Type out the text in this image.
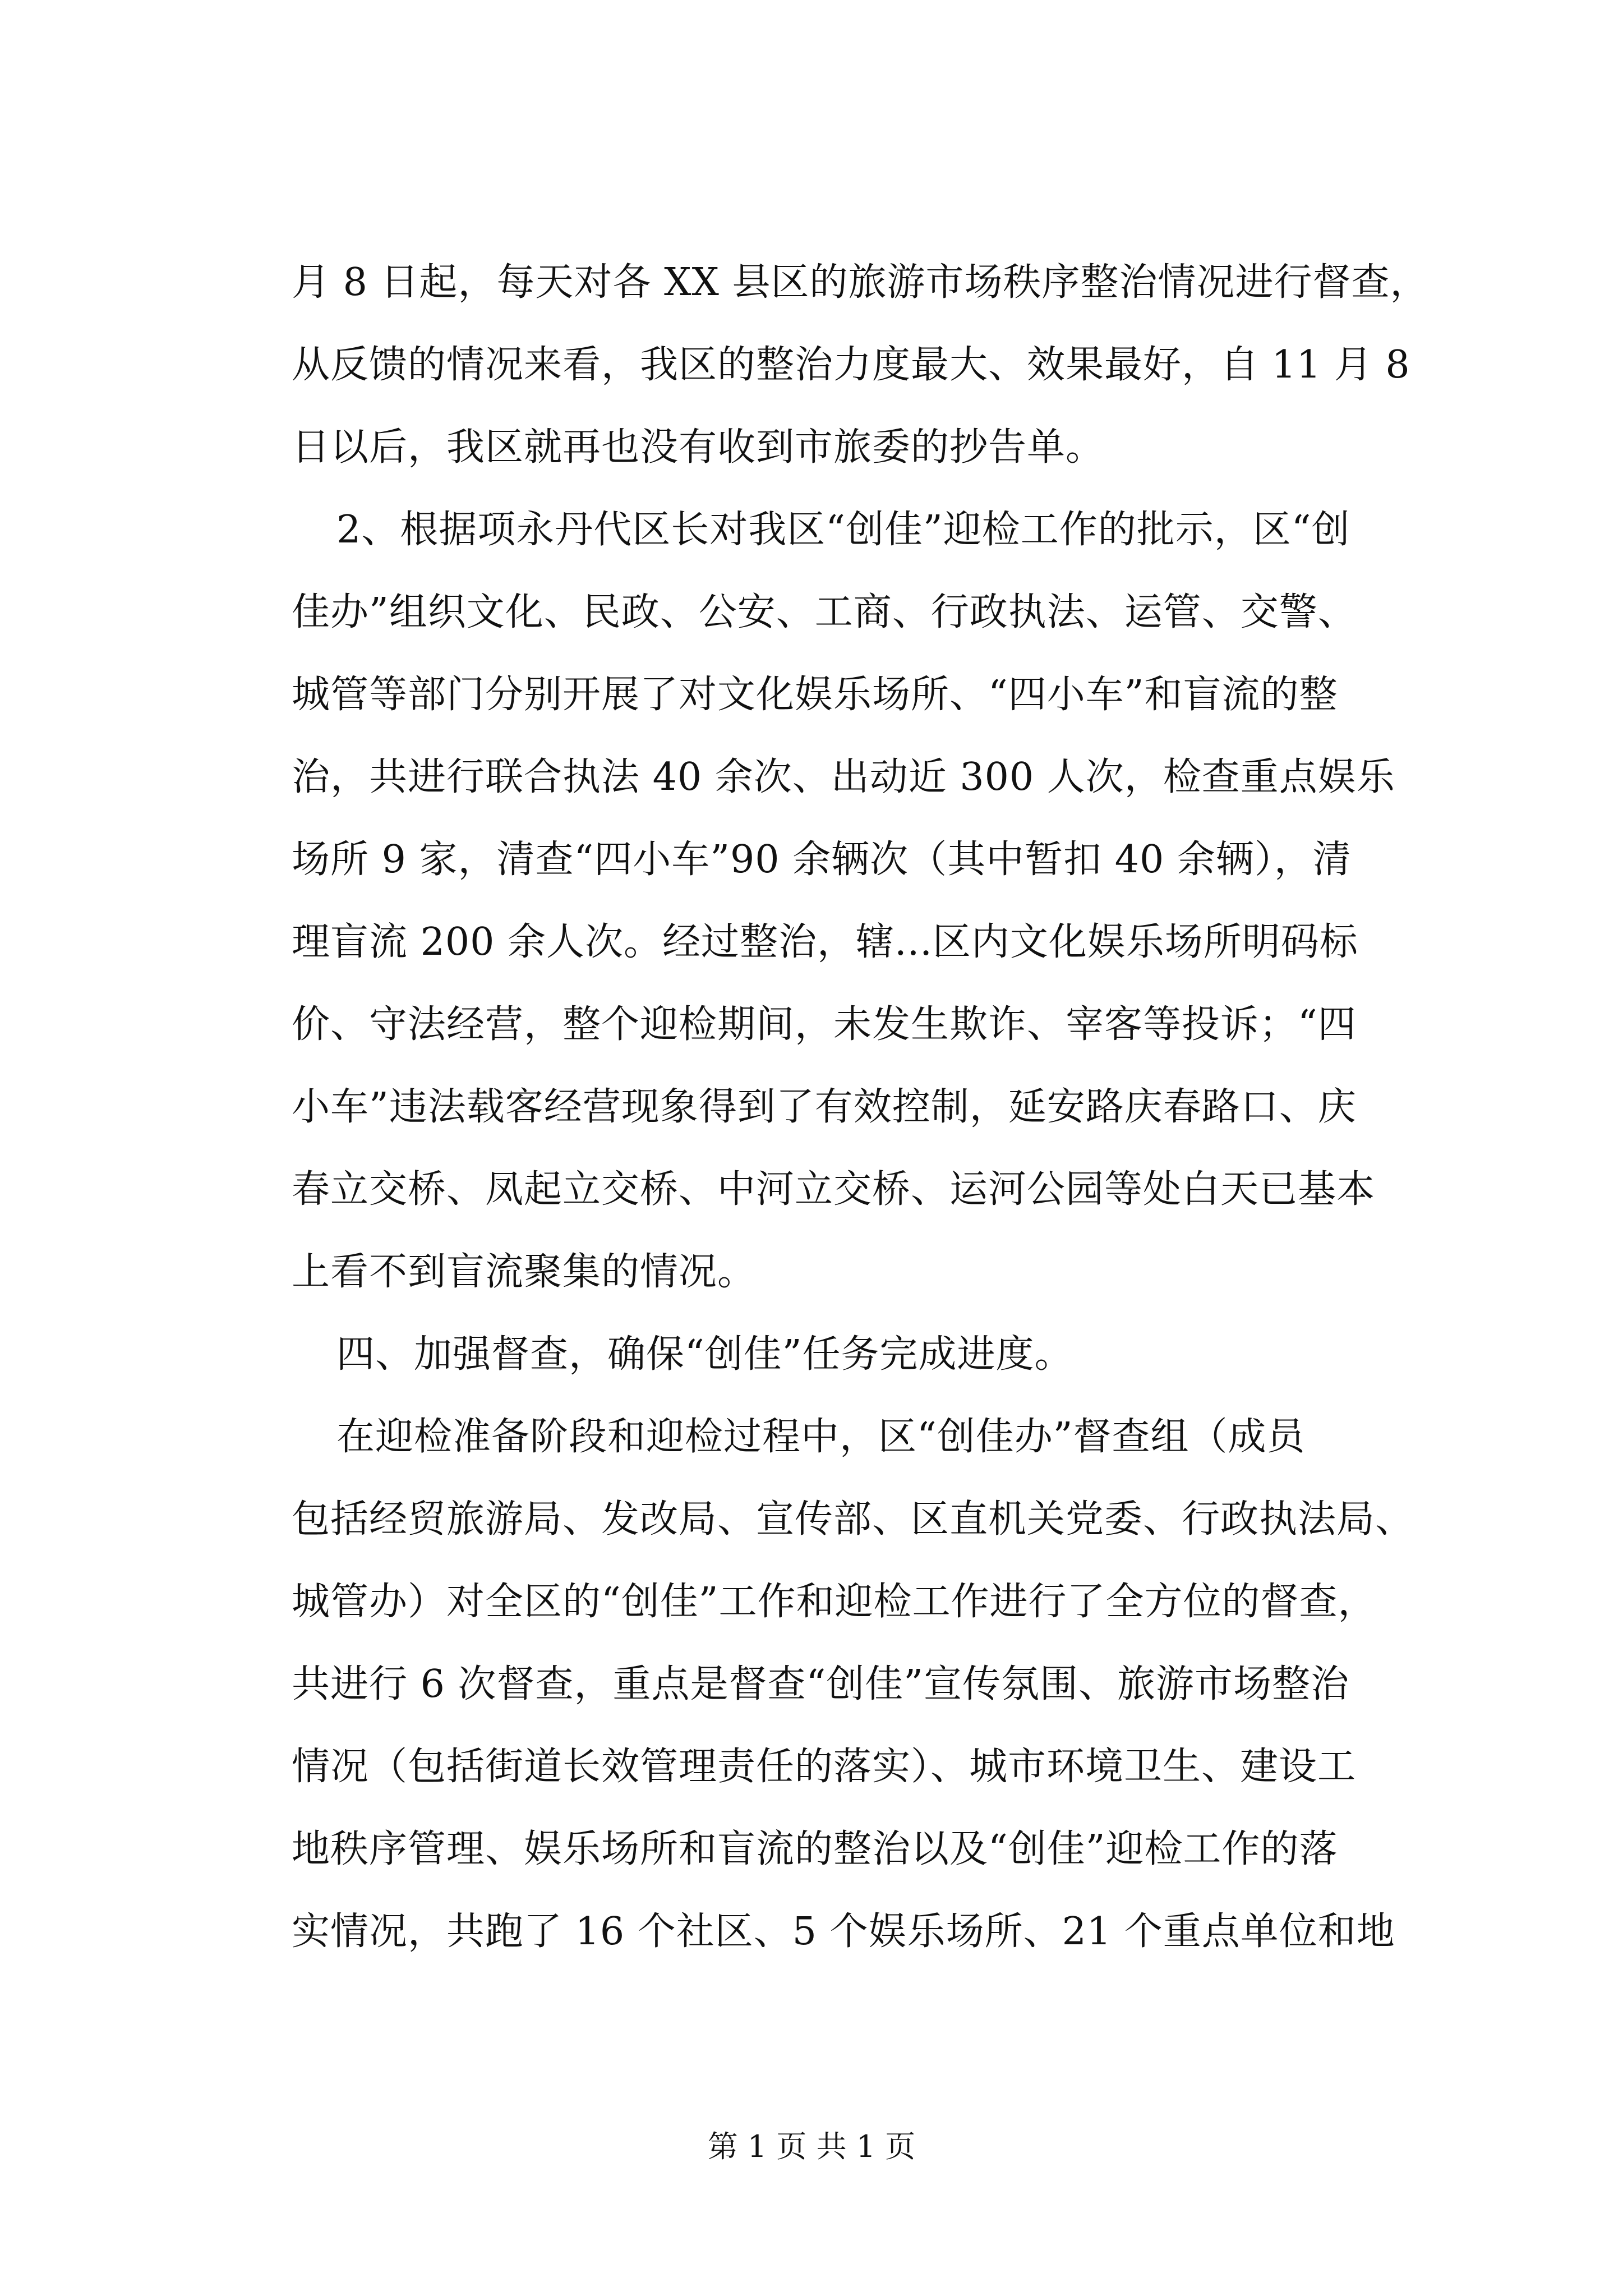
月 8 日起，每天对各 XX 县区的旅游市场秩序整治情况进行督查，
从反馈的情况来看，我区的整治力度最大、效果最好，自 11 月 8
日以后，我区就再也没有收到市旅委的抄告单。
2、根据项永丹代区长对我区“创佳”迎检工作的批示，区“创
佳办”组织文化、民政、公安、工商、行政执法、运管、交警、
城管等部门分别开展了对文化娱乐场所、“四小车”和盲流的整
治，共进行联合执法 40 余次、出动近 300 人次，检查重点娱乐
场所 9 家，清查“四小车”90 余辆次（其中暂扣 40 余辆），清
理盲流 200 余人次。经过整治，辖...区内文化娱乐场所明码标
价、守法经营，整个迎检期间，未发生欺诈、宰客等投诉；“四
小车”违法载客经营现象得到了有效控制，延安路庆春路口、庆
春立交桥、凤起立交桥、中河立交桥、运河公园等处白天已基本
上看不到盲流聚集的情况。
四、加强督查，确保“创佳”任务完成进度。
在迎检准备阶段和迎检过程中，区“创佳办”督查组（成员
包括经贸旅游局、发改局、宣传部、区直机关党委、行政执法局、
城管办）对全区的“创佳”工作和迎检工作进行了全方位的督查，
共进行 6 次督查，重点是督查“创佳”宣传氛围、旅游市场整治
情况（包括街道长效管理责任的落实）、城市环境卫生、建设工
地秩序管理、娱乐场所和盲流的整治以及“创佳”迎检工作的落
实情况，共跑了 16 个社区、5 个娱乐场所、21 个重点单位和地
第 1 页 共 1 页
